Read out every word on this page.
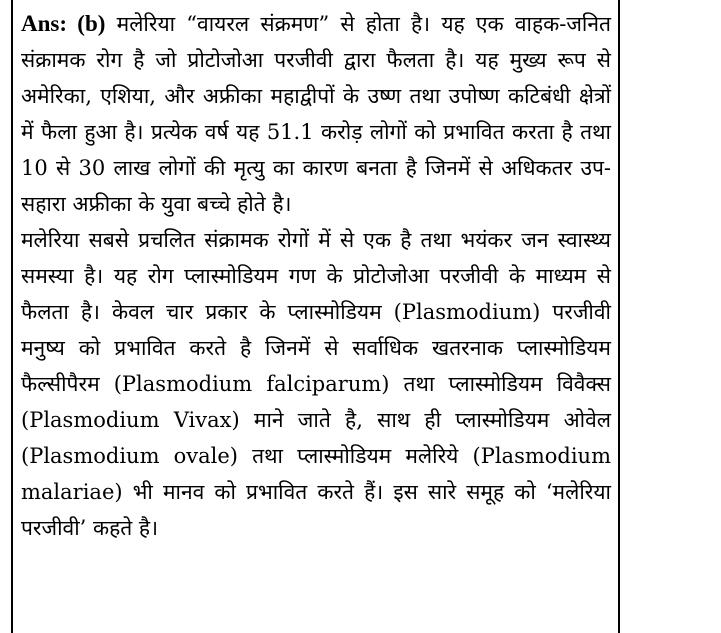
Ans: (b) मलेरिया “वायरल संक्रमण” से होता है। यह एक वाहक-जनित संक्रामक रोग है जो प्रोटोजोआ परजीवी द्वारा फैलता है। यह मुख्य रूप से अमेरिका, एशिया, और अफ्रीका महाद्वीपों के उष्ण तथा उपोष्ण कटिबंधी क्षेत्रों में फैला हुआ है। प्रत्येक वर्ष यह 51.1 करोड़ लोगों को प्रभावित करता है तथा 10 से 30 लाख लोगों की मृत्यु का कारण बनता है जिनमें से अधिकतर उप-सहारा अफ्रीका के युवा बच्चे होते है।

मलेरिया सबसे प्रचलित संक्रामक रोगों में से एक है तथा भयंकर जन स्वास्थ्य समस्या है। यह रोग प्लास्मोडियम गण के प्रोटोजोआ परजीवी के माध्यम से फैलता है। केवल चार प्रकार के प्लास्मोडियम (Plasmodium) परजीवी मनुष्य को प्रभावित करते है जिनमें से सर्वाधिक खतरनाक प्लास्मोडियम फैल्सीपैरम (Plasmodium falciparum) तथा प्लास्मोडियम विवैक्स (Plasmodium Vivax) माने जाते है, साथ ही प्लास्मोडियम ओवेल (Plasmodium ovale) तथा प्लास्मोडियम मलेरिये (Plasmodium malariae) भी मानव को प्रभावित करते हैं। इस सारे समूह को ‘मलेरिया परजीवी’ कहते है।
